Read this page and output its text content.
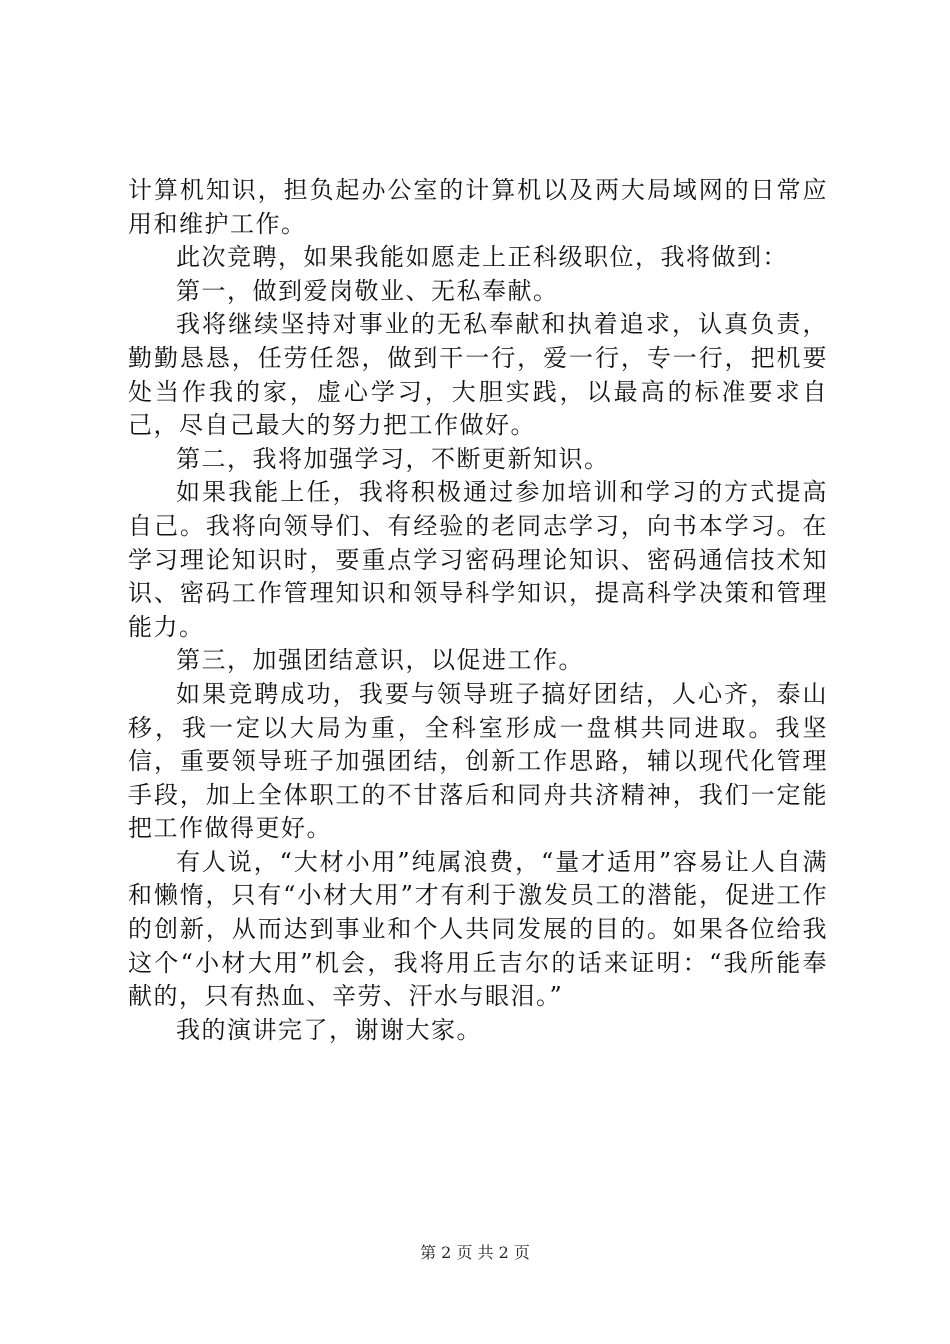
计算机知识，担负起办公室的计算机以及两大局域网的日常应用和维护工作。

此次竞聘，如果我能如愿走上正科级职位，我将做到：

第一，做到爱岗敬业、无私奉献。

我将继续坚持对事业的无私奉献和执着追求，认真负责，勤勤恳恳，任劳任怨，做到干一行，爱一行，专一行，把机要处当作我的家，虚心学习，大胆实践，以最高的标准要求自己，尽自己最大的努力把工作做好。

第二，我将加强学习，不断更新知识。

如果我能上任，我将积极通过参加培训和学习的方式提高自己。我将向领导们、有经验的老同志学习，向书本学习。在学习理论知识时，要重点学习密码理论知识、密码通信技术知识、密码工作管理知识和领导科学知识，提高科学决策和管理能力。

第三，加强团结意识，以促进工作。

如果竞聘成功，我要与领导班子搞好团结，人心齐，泰山移，我一定以大局为重，全科室形成一盘棋共同进取。我坚信，重要领导班子加强团结，创新工作思路，辅以现代化管理手段，加上全体职工的不甘落后和同舟共济精神，我们一定能把工作做得更好。

有人说，“大材小用”纯属浪费，“量才适用”容易让人自满和懒惰，只有“小材大用”才有利于激发员工的潜能，促进工作的创新，从而达到事业和个人共同发展的目的。如果各位给我这个“小材大用”机会，我将用丘吉尔的话来证明：“我所能奉献的，只有热血、辛劳、汗水与眼泪。”

我的演讲完了，谢谢大家。

第 2 页 共 2 页
